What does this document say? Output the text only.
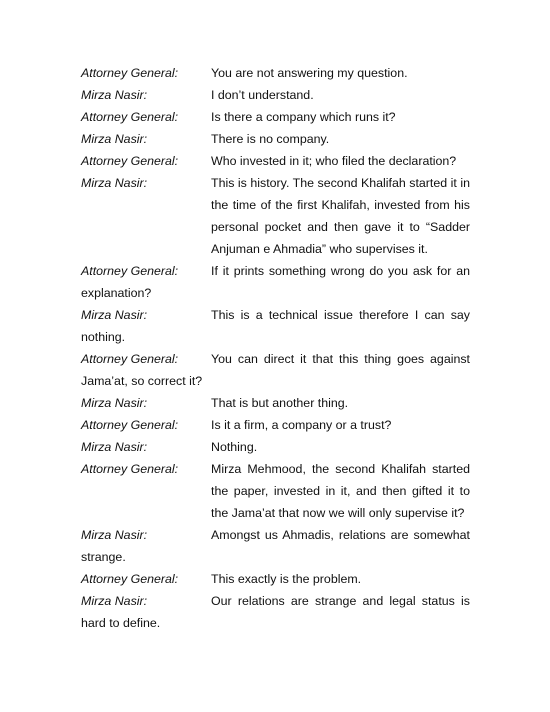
Attorney General:	You are not answering my question.

Mirza Nasir:	I don’t understand.

Attorney General:	Is there a company which runs it?

Mirza Nasir:	There is no company.

Attorney General:	Who invested in it; who filed the declaration?

Mirza Nasir:	This is history. The second Khalifah started it in the time of the first Khalifah, invested from his personal pocket and then gave it to “Sadder Anjuman e Ahmadia” who supervises it.

Attorney General:	If it prints something wrong do you ask for an explanation?

Mirza Nasir:	This is a technical issue therefore I can say nothing.

Attorney General:	You can direct it that this thing goes against Jama’at, so correct it?

Mirza Nasir:	That is but another thing.

Attorney General:	Is it a firm, a company or a trust?

Mirza Nasir:	Nothing.

Attorney General:	Mirza Mehmood, the second Khalifah started the paper, invested in it, and then gifted it to the Jama’at that now we will only supervise it?

Mirza Nasir:	Amongst us Ahmadis, relations are somewhat strange.

Attorney General:	This exactly is the problem.

Mirza Nasir:	Our relations are strange and legal status is hard to define.
